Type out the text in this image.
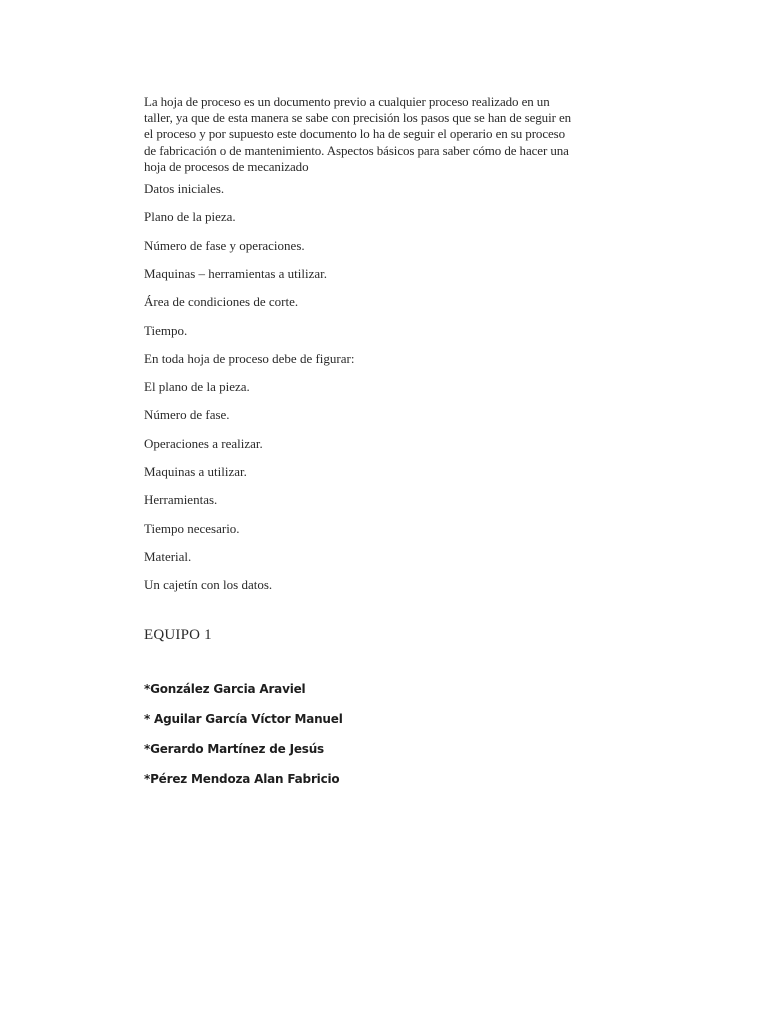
La hoja de proceso es un documento previo a cualquier proceso realizado en un
taller, ya que de esta manera se sabe con precisión los pasos que se han de seguir en
el proceso y por supuesto este documento lo ha de seguir el operario en su proceso
de fabricación o de mantenimiento. Aspectos básicos para saber cómo de hacer una
hoja de procesos de mecanizado

Datos iniciales.
Plano de la pieza.
Número de fase y operaciones.
Maquinas – herramientas a utilizar.
Área de condiciones de corte.
Tiempo.
En toda hoja de proceso debe de figurar:
El plano de la pieza.
Número de fase.
Operaciones a realizar.
Maquinas a utilizar.
Herramientas.
Tiempo necesario.
Material.
Un cajetín con los datos.
EQUIPO 1
*González Garcia Araviel
* Aguilar García Víctor Manuel
*Gerardo Martínez de Jesús
*Pérez Mendoza Alan Fabricio
